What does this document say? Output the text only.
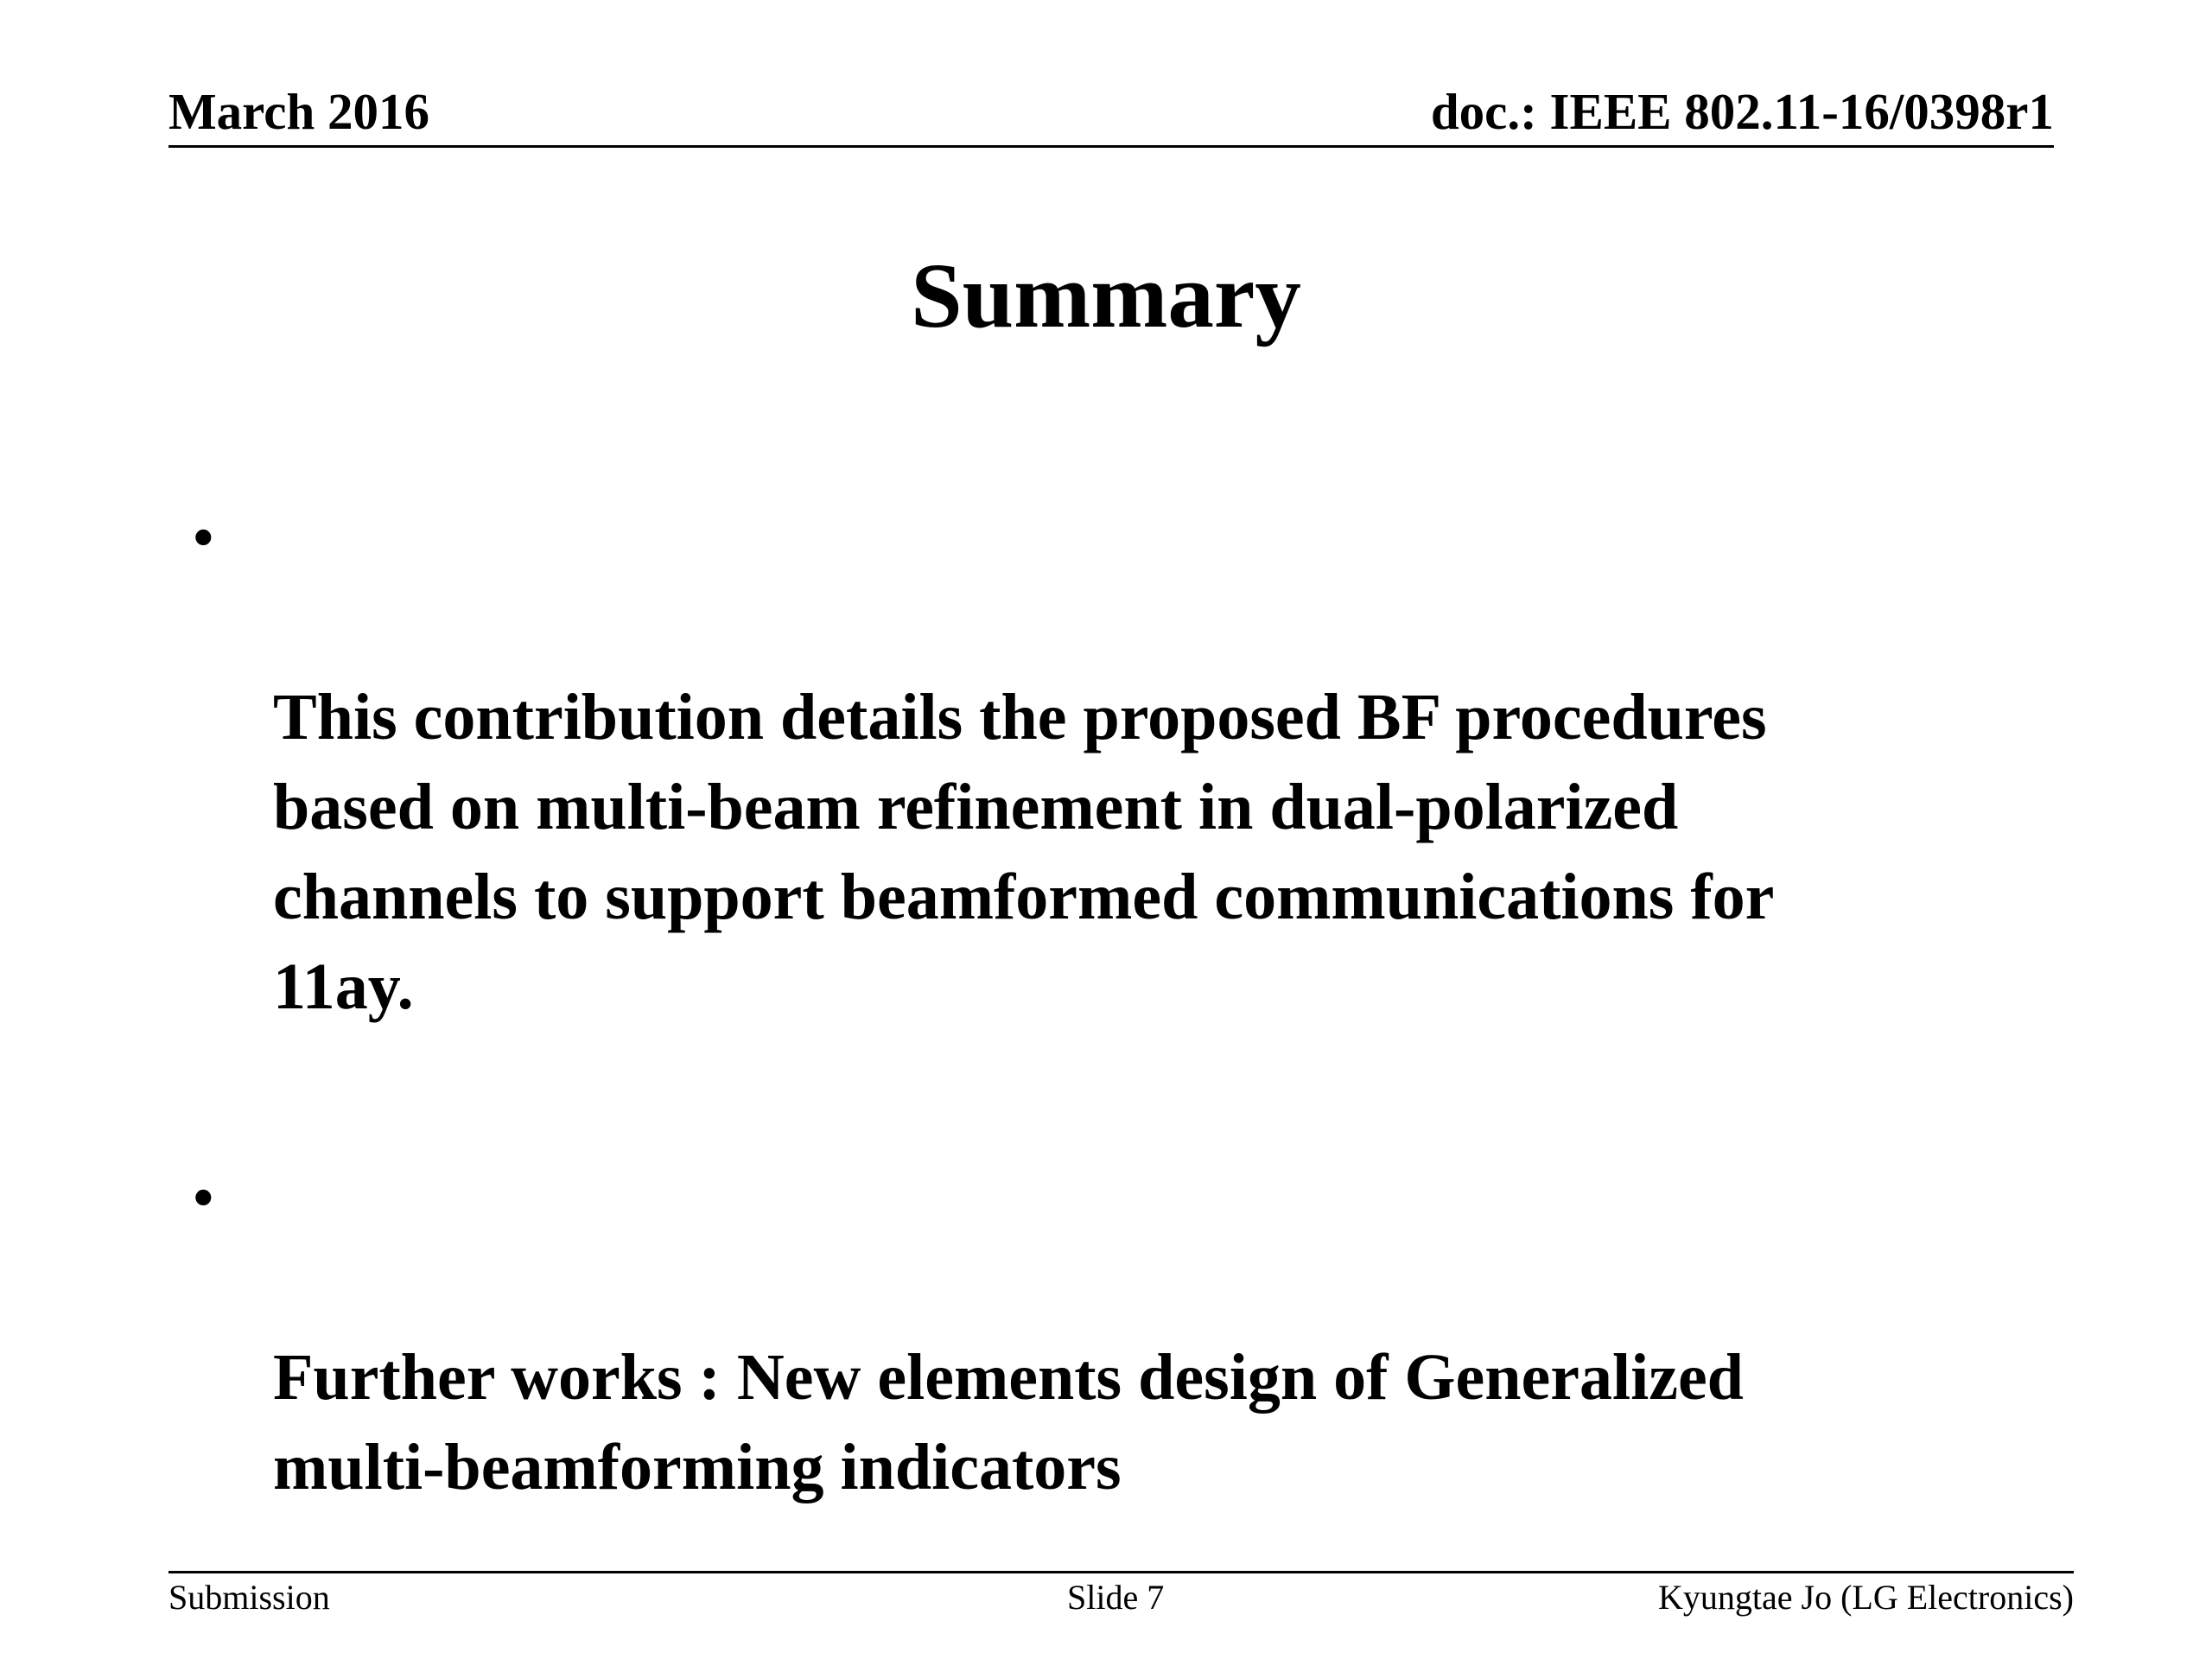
March 2016	doc.: IEEE 802.11-16/0398r1
Summary

•

This contribution details the proposed BF procedures
based on multi-beam refinement in dual-polarized
channels to support beamformed communications for
11ay.

•

Further works : New elements design of Generalized
multi-beamforming indicators

Submission	Slide 7	Kyungtae Jo (LG Electronics)
